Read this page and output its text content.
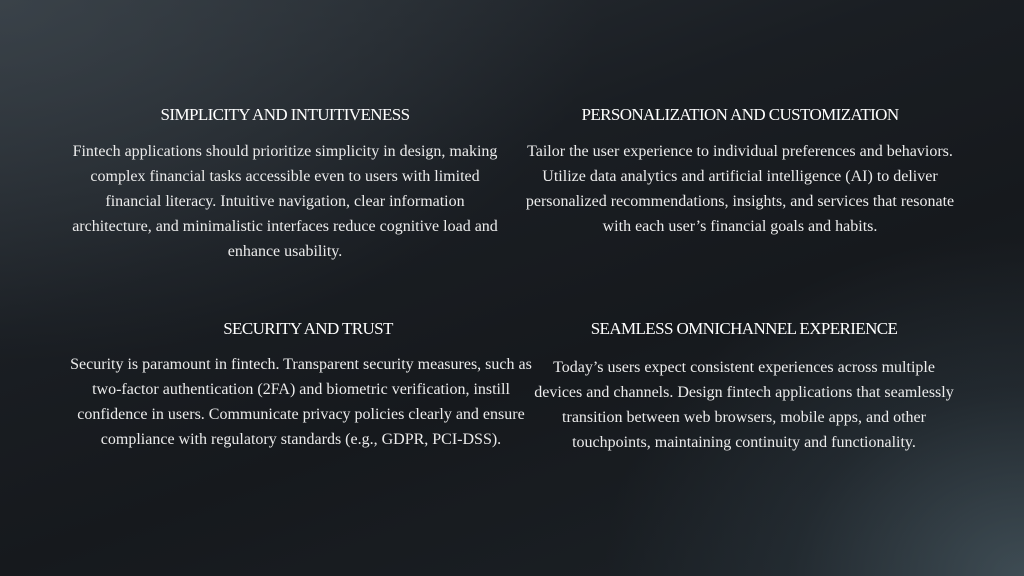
SIMPLICITY AND INTUITIVENESS

Fintech applications should prioritize simplicity in design, making complex financial tasks accessible even to users with limited financial literacy. Intuitive navigation, clear information architecture, and minimalistic interfaces reduce cognitive load and enhance usability.

PERSONALIZATION AND CUSTOMIZATION

Tailor the user experience to individual preferences and behaviors. Utilize data analytics and artificial intelligence (AI) to deliver personalized recommendations, insights, and services that resonate with each user’s financial goals and habits.

SECURITY AND TRUST

Security is paramount in fintech. Transparent security measures, such as two-factor authentication (2FA) and biometric verification, instill confidence in users. Communicate privacy policies clearly and ensure compliance with regulatory standards (e.g., GDPR, PCI-DSS).

SEAMLESS OMNICHANNEL EXPERIENCE

Today’s users expect consistent experiences across multiple devices and channels. Design fintech applications that seamlessly transition between web browsers, mobile apps, and other touchpoints, maintaining continuity and functionality.
